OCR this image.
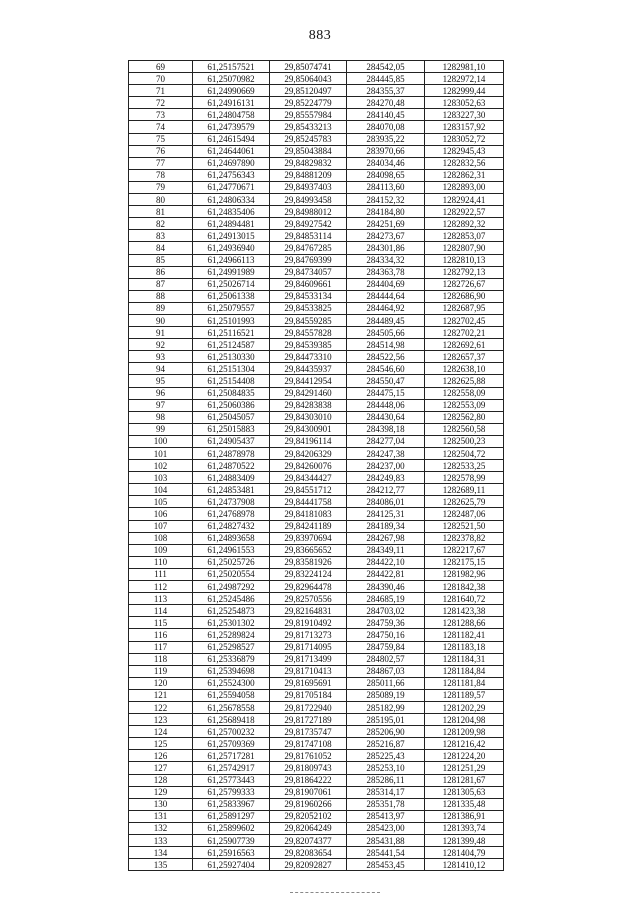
883
69	61,25157521	29,85074741	284542,05	1282981,10
70	61,25070982	29,85064043	284445,85	1282972,14
71	61,24990669	29,85120497	284355,37	1282999,44
72	61,24916131	29,85224779	284270,48	1283052,63
73	61,24804758	29,85557984	284140,45	1283227,30
74	61,24739579	29,85433213	284070,08	1283157,92
75	61,24615494	29,85245783	283935,22	1283052,72
76	61,24644061	29,85043884	283970,66	1282945,43
77	61,24697890	29,84829832	284034,46	1282832,56
78	61,24756343	29,84881209	284098,65	1282862,31
79	61,24770671	29,84937403	284113,60	1282893,00
80	61,24806334	29,84993458	284152,32	1282924,41
81	61,24835406	29,84988012	284184,80	1282922,57
82	61,24894481	29,84927542	284251,69	1282892,32
83	61,24913015	29,84853114	284273,67	1282853,07
84	61,24936940	29,84767285	284301,86	1282807,90
85	61,24966113	29,84769399	284334,32	1282810,13
86	61,24991989	29,84734057	284363,78	1282792,13
87	61,25026714	29,84609661	284404,69	1282726,67
88	61,25061338	29,84533134	284444,64	1282686,90
89	61,25079557	29,84533825	284464,92	1282687,95
90	61,25101993	29,84559285	284489,45	1282702,45
91	61,25116521	29,84557828	284505,66	1282702,21
92	61,25124587	29,84539385	284514,98	1282692,61
93	61,25130330	29,84473310	284522,56	1282657,37
94	61,25151304	29,84435937	284546,60	1282638,10
95	61,25154408	29,84412954	284550,47	1282625,88
96	61,25084835	29,84291460	284475,15	1282558,09
97	61,25060386	29,84283838	284448,06	1282553,09
98	61,25045057	29,84303010	284430,64	1282562,80
99	61,25015883	29,84300901	284398,18	1282560,58
100	61,24905437	29,84196114	284277,04	1282500,23
101	61,24878978	29,84206329	284247,38	1282504,72
102	61,24870522	29,84260076	284237,00	1282533,25
103	61,24883409	29,84344427	284249,83	1282578,99
104	61,24853481	29,84551712	284212,77	1282689,11
105	61,24737908	29,84441758	284086,01	1282625,79
106	61,24768978	29,84181083	284125,31	1282487,06
107	61,24827432	29,84241189	284189,34	1282521,50
108	61,24893658	29,83970694	284267,98	1282378,82
109	61,24961553	29,83665652	284349,11	1282217,67
110	61,25025726	29,83581926	284422,10	1282175,15
111	61,25020554	29,83224124	284422,81	1281982,96
112	61,24987292	29,82964478	284390,46	1281842,38
113	61,25245486	29,82570556	284685,19	1281640,72
114	61,25254873	29,82164831	284703,02	1281423,38
115	61,25301302	29,81910492	284759,36	1281288,66
116	61,25289824	29,81713273	284750,16	1281182,41
117	61,25298527	29,81714095	284759,84	1281183,18
118	61,25336879	29,81713499	284802,57	1281184,31
119	61,25394698	29,81710413	284867,03	1281184,84
120	61,25524300	29,81695691	285011,66	1281181,84
121	61,25594058	29,81705184	285089,19	1281189,57
122	61,25678558	29,81722940	285182,99	1281202,29
123	61,25689418	29,81727189	285195,01	1281204,98
124	61,25700232	29,81735747	285206,90	1281209,98
125	61,25709369	29,81747108	285216,87	1281216,42
126	61,25717281	29,81761052	285225,43	1281224,20
127	61,25742917	29,81809743	285253,10	1281251,29
128	61,25773443	29,81864222	285286,11	1281281,67
129	61,25799333	29,81907061	285314,17	1281305,63
130	61,25833967	29,81960266	285351,78	1281335,48
131	61,25891297	29,82052102	285413,97	1281386,91
132	61,25899602	29,82064249	285423,00	1281393,74
133	61,25907739	29,82074377	285431,88	1281399,48
134	61,25916563	29,82083654	285441,54	1281404,79
135	61,25927404	29,82092827	285453,45	1281410,12
